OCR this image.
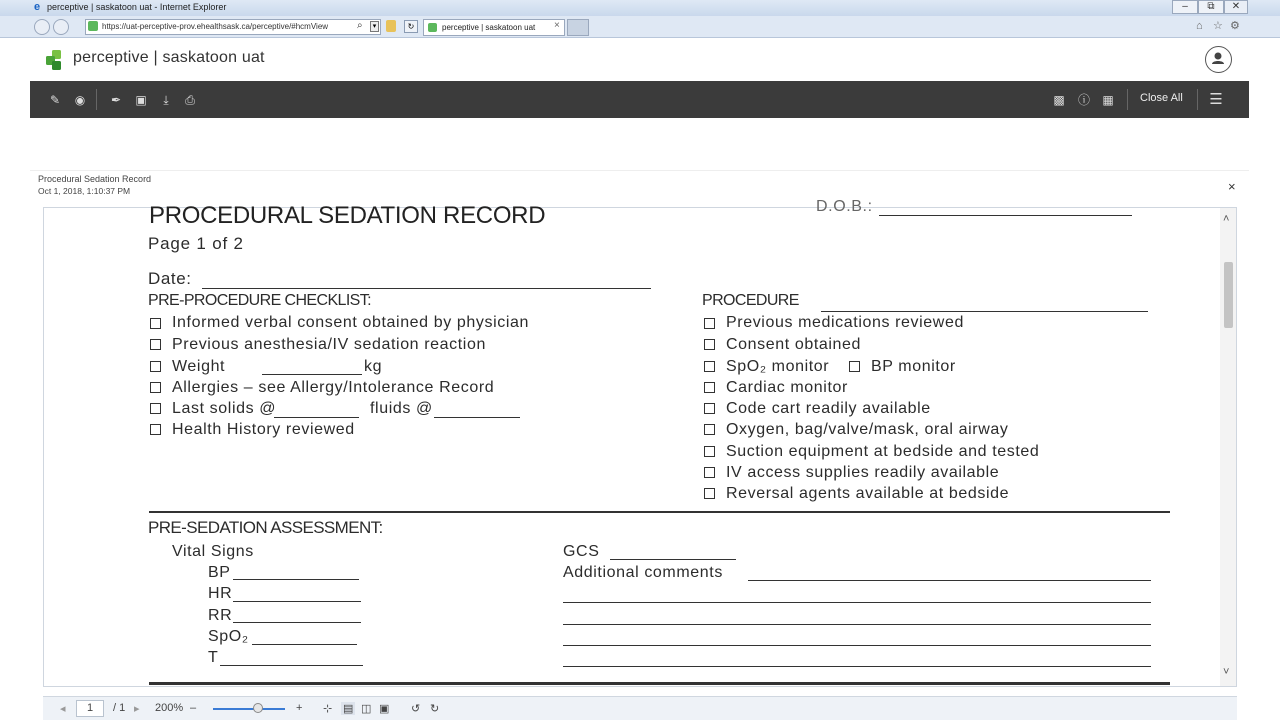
e perceptive | saskatoon uat - Internet Explorer	–	⧉	✕
https://uat-perceptive-prov.ehealthsask.ca/perceptive/#hcmView	⌕	▾	↻	perceptive | saskatoon uat	×	⌂ ☆ ⚙
perceptive | saskatoon uat
✎ ◉ ✒ ▣	⤓	⎙	▩ ⓘ ▦ Close All ☰
Procedural Sedation Record
Oct 1, 2018, 1:10:37 PM	×
PROCEDURAL SEDATION RECORD	D.O.B.:
Page 1 of 2
Date:
PRE-PROCEDURE CHECKLIST:	PROCEDURE
Informed verbal consent obtained by physician
Previous anesthesia/IV sedation reaction
Weight	kg
Allergies – see Allergy/Intolerance Record
Last solids @	fluids @
Health History reviewed
Previous medications reviewed
Consent obtained
SpO₂ monitor	BP monitor
Cardiac monitor
Code cart readily available
Oxygen, bag/valve/mask, oral airway
Suction equipment at bedside and tested
IV access supplies readily available
Reversal agents available at bedside
PRE-SEDATION ASSESSMENT:
Vital Signs
BP
HR
RR
SpO₂
T
GCS
Additional comments
˄
˅
◂	1	/ 1 ▸ 200% –	+ ⊹ ▤ ◫ ▣ ↺ ↻
